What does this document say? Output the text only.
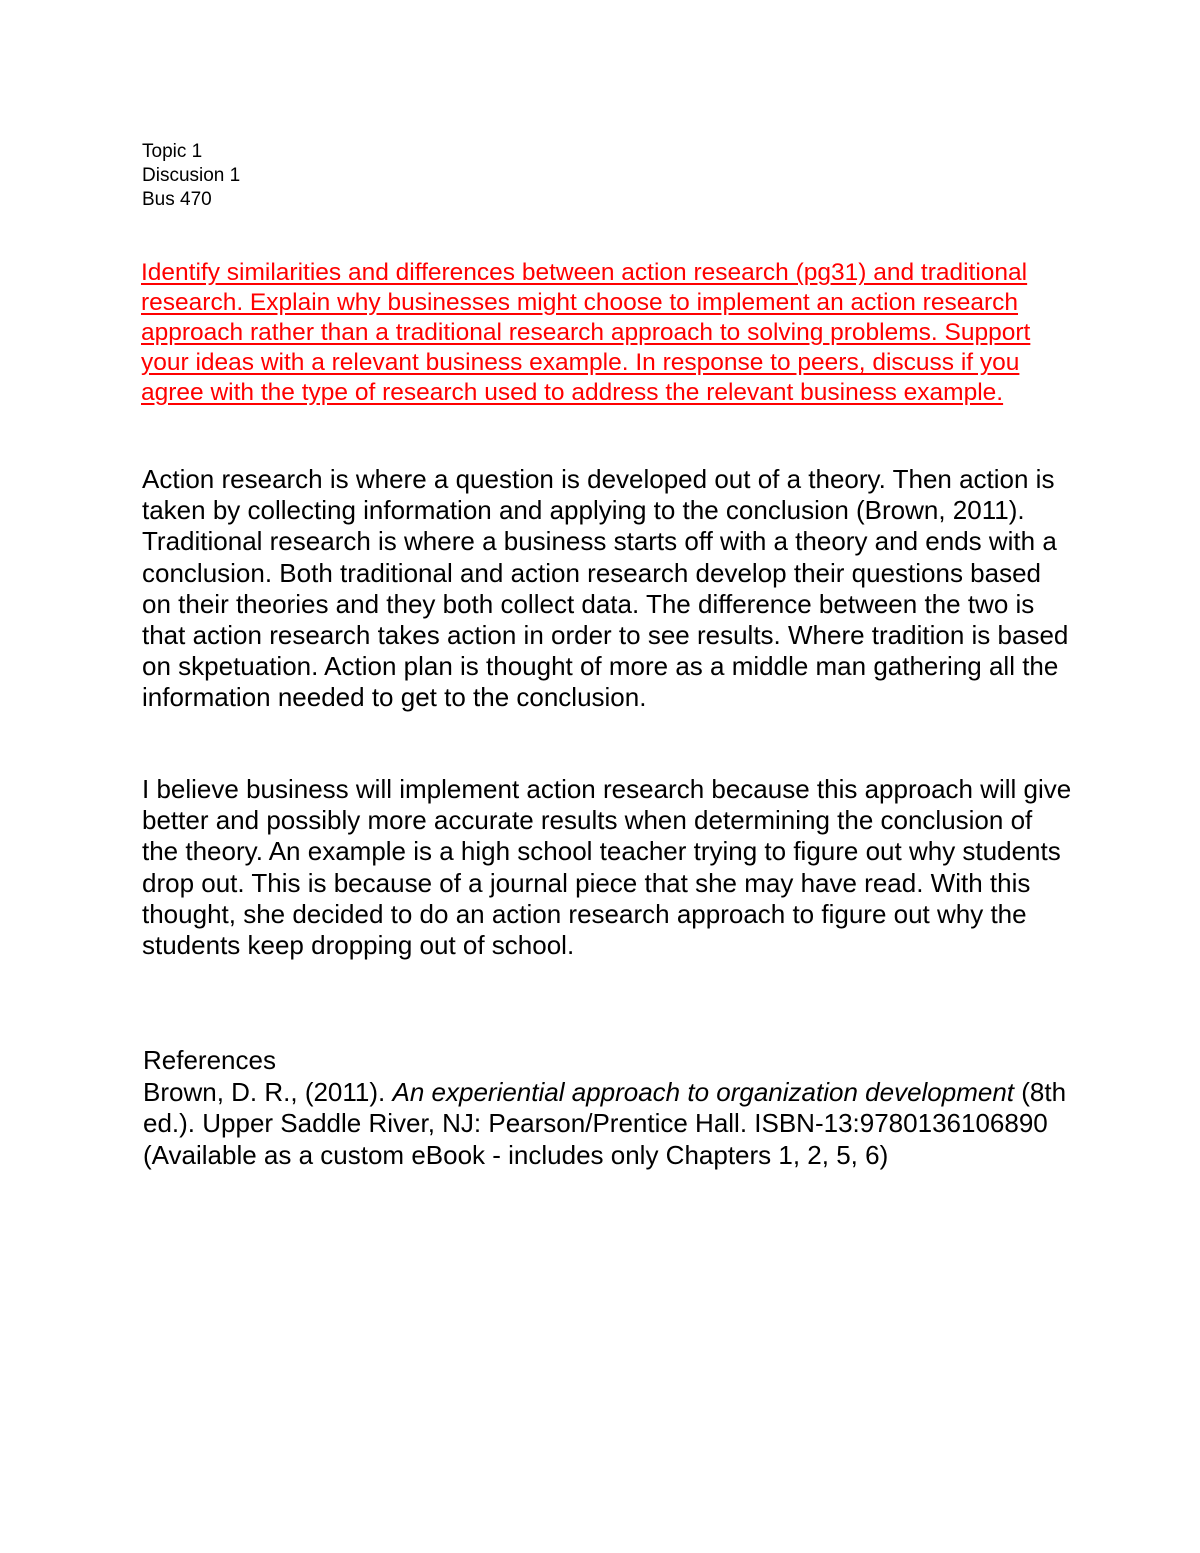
Topic 1
Discusion 1
Bus 470
Identify similarities and differences between action research (pg31) and traditional research. Explain why businesses might choose to implement an action research approach rather than a traditional research approach to solving problems. Support your ideas with a relevant business example. In response to peers, discuss if you agree with the type of research used to address the relevant business example.

Action research is where a question is developed out of a theory. Then action is taken by collecting information and applying to the conclusion (Brown, 2011). Traditional research is where a business starts off with a theory and ends with a conclusion. Both traditional and action research develop their questions based on their theories and they both collect data. The difference between the two is that action research takes action in order to see results. Where tradition is based on skpetuation. Action plan is thought of more as a middle man gathering all the information needed to get to the conclusion.

I believe business will implement action research because this approach will give better and possibly more accurate results when determining the conclusion of the theory. An example is a high school teacher trying to figure out why students drop out. This is because of a journal piece that she may have read. With this thought, she decided to do an action research approach to figure out why the students keep dropping out of school.

References
Brown, D. R., (2011). An experiential approach to organization development (8th ed.). Upper Saddle River, NJ: Pearson/Prentice Hall. ISBN-13:9780136106890 (Available as a custom eBook - includes only Chapters 1, 2, 5, 6)
